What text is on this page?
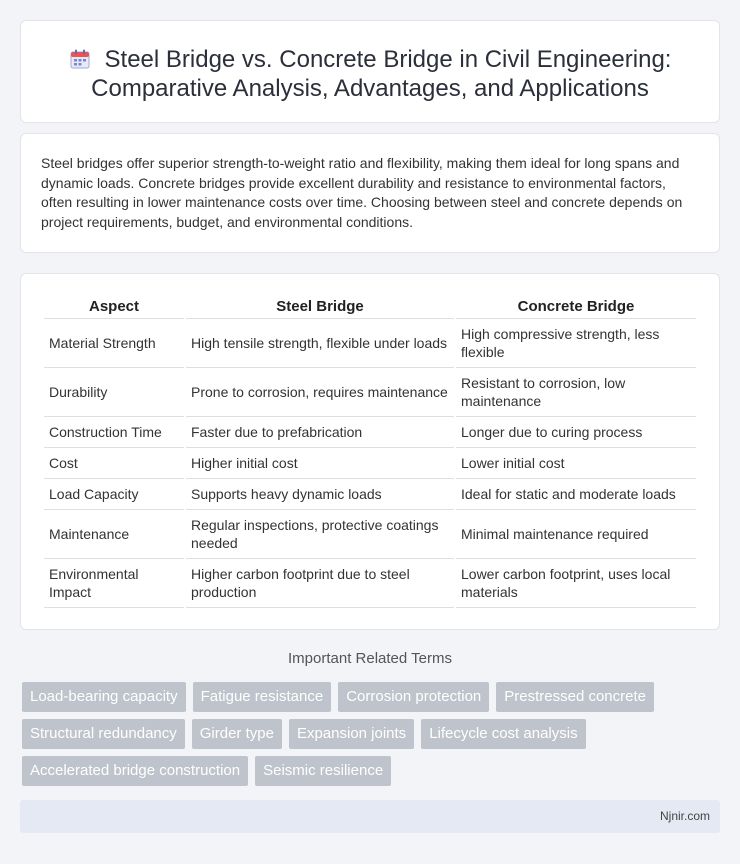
Steel Bridge vs. Concrete Bridge in Civil Engineering: Comparative Analysis, Advantages, and Applications

Steel bridges offer superior strength-to-weight ratio and flexibility, making them ideal for long spans and dynamic loads. Concrete bridges provide excellent durability and resistance to environmental factors, often resulting in lower maintenance costs over time. Choosing between steel and concrete depends on project requirements, budget, and environmental conditions.

Aspect	Steel Bridge	Concrete Bridge
Material Strength	High tensile strength, flexible under loads	High compressive strength, less flexible
Durability	Prone to corrosion, requires maintenance	Resistant to corrosion, low maintenance
Construction Time	Faster due to prefabrication	Longer due to curing process
Cost	Higher initial cost	Lower initial cost
Load Capacity	Supports heavy dynamic loads	Ideal for static and moderate loads
Maintenance	Regular inspections, protective coatings needed	Minimal maintenance required
Environmental Impact	Higher carbon footprint due to steel production	Lower carbon footprint, uses local materials
Important Related Terms
Load-bearing capacity	Fatigue resistance	Corrosion protection	Prestressed concrete
Structural redundancy	Girder type	Expansion joints	Lifecycle cost analysis
Accelerated bridge construction	Seismic resilience
Njnir.com
